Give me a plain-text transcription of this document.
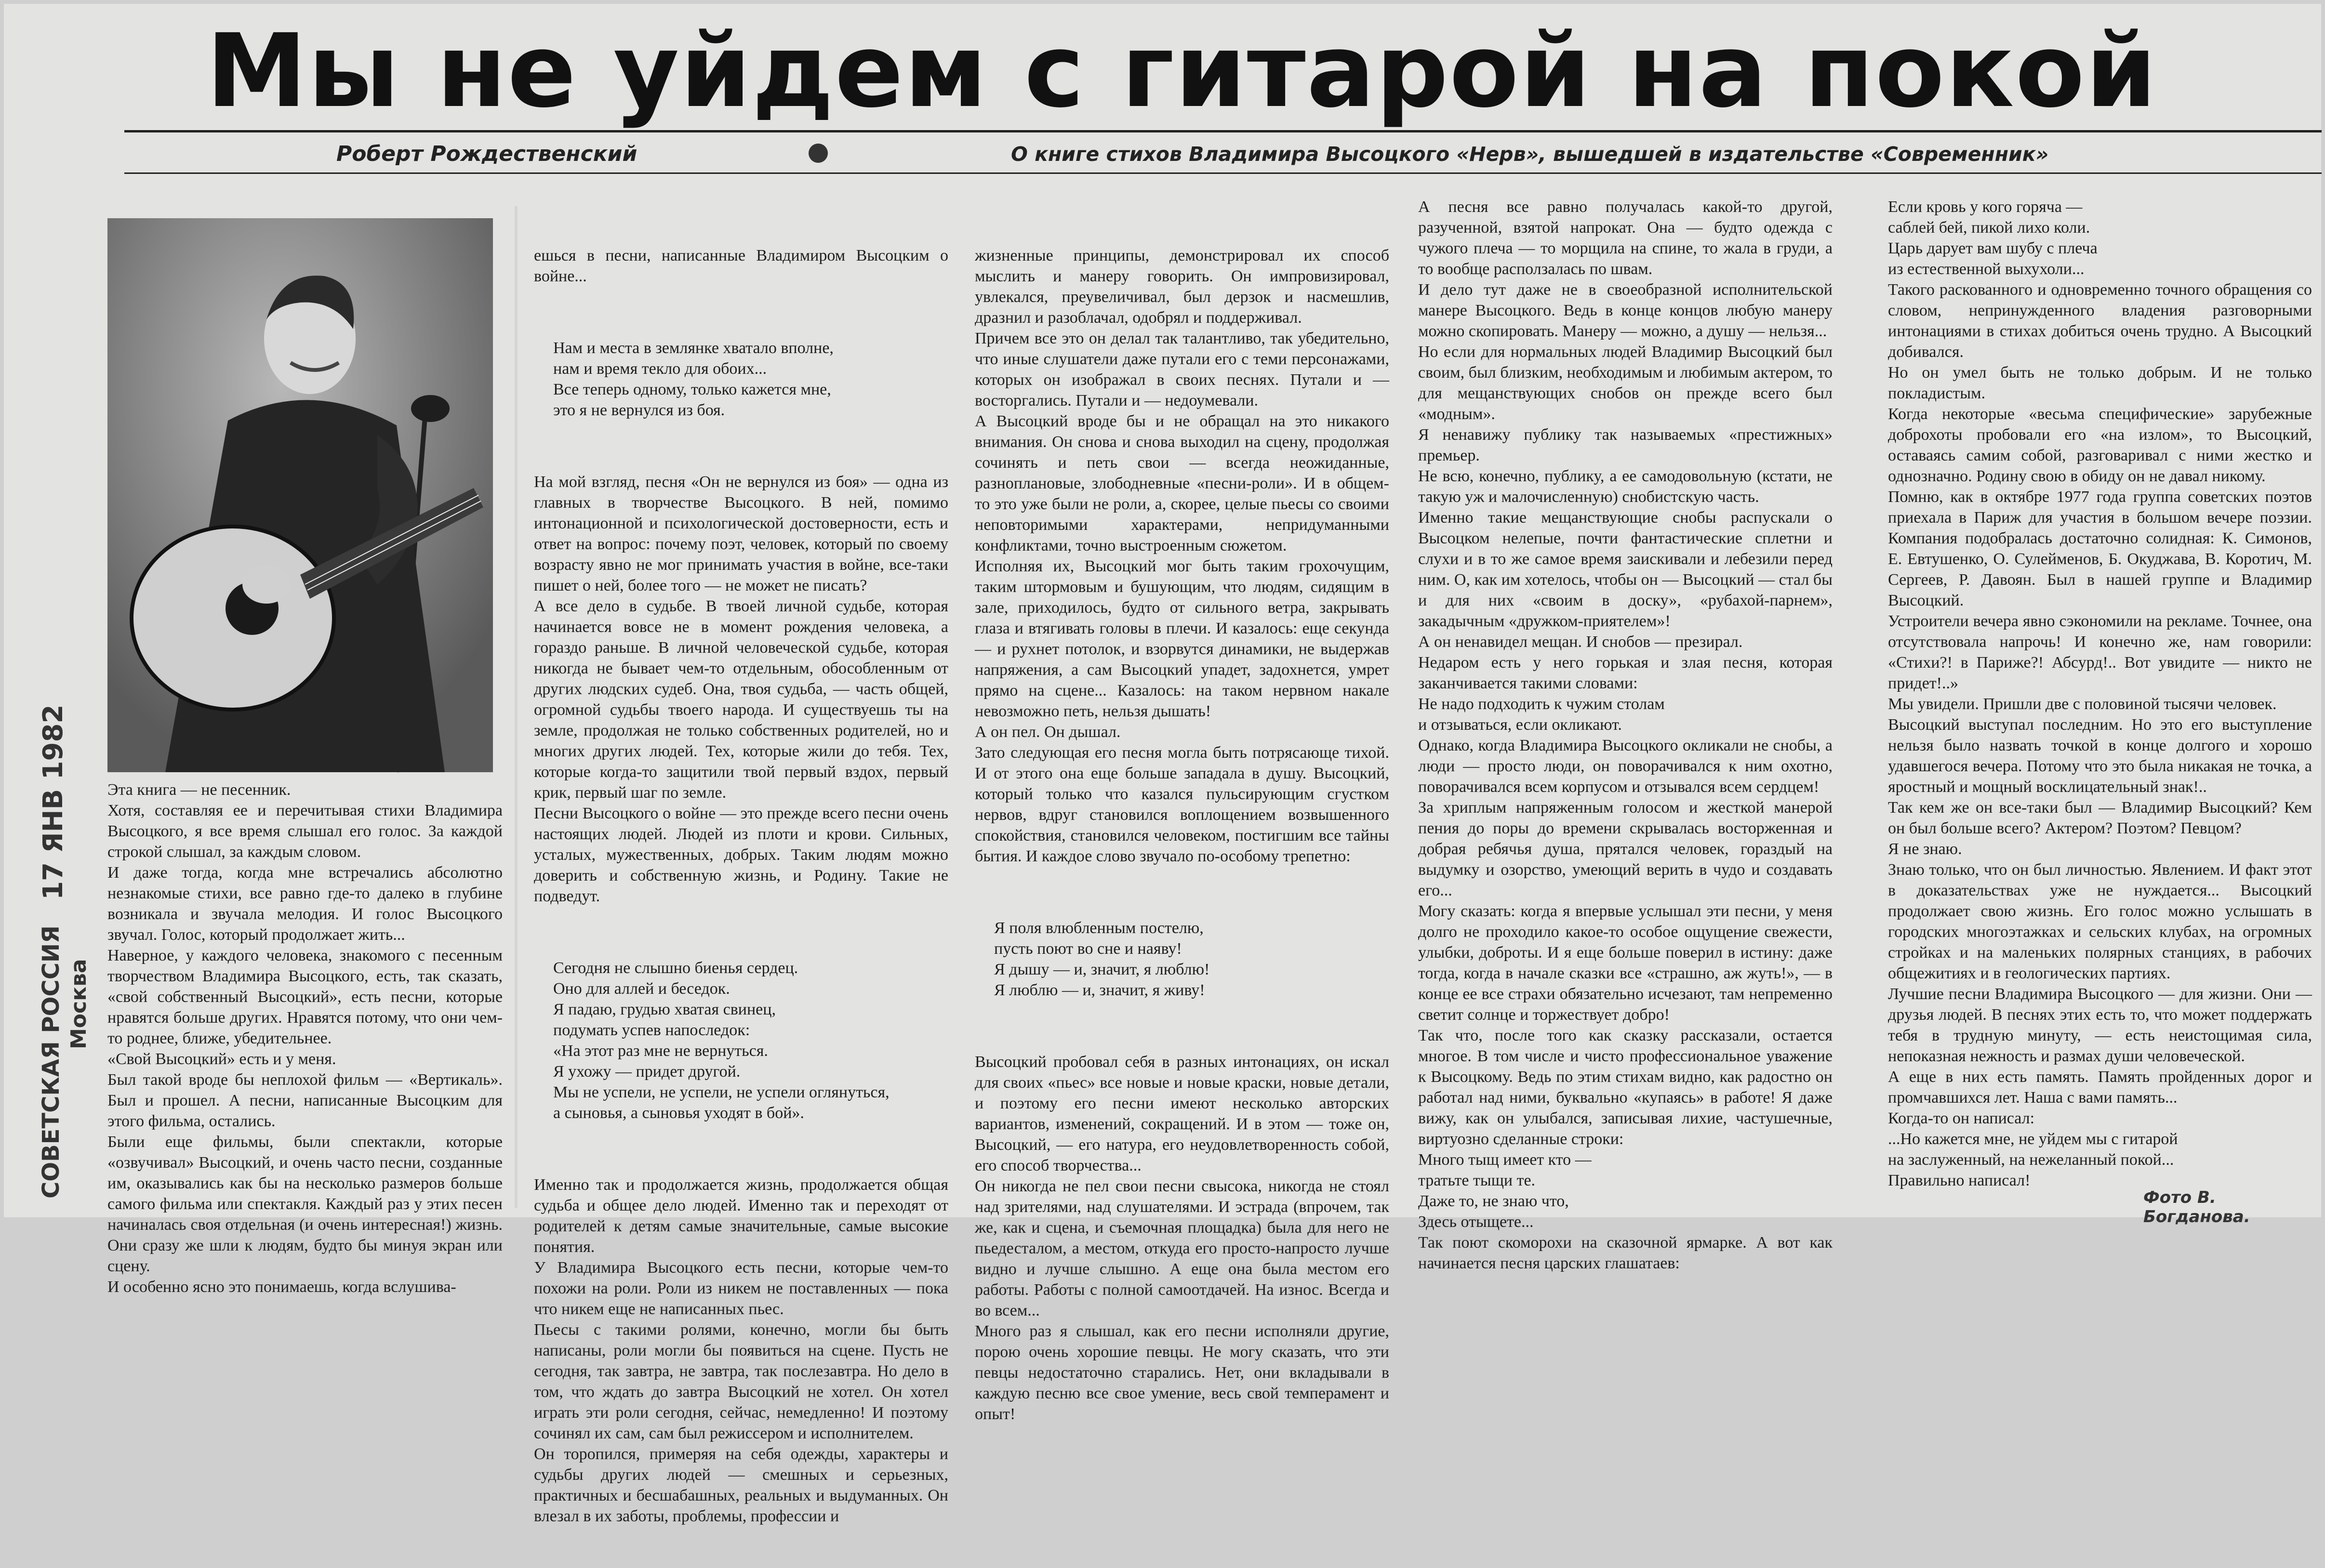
Мы не уйдем с гитарой на покой
Роберт Рождественский	О книге стихов Владимира Высоцкого «Нерв», вышедшей в издательстве «Современник»
17 ЯНВ 1982
СОВЕТСКАЯ РОССИЯ Москва
Эта книга — не песенник.
Хотя, составляя ее и перечитывая стихи Владимира Высоцкого, я все время слышал его голос. За каждой строкой слышал, за каждым словом.
И даже тогда, когда мне встречались абсолютно незнакомые стихи, все равно где-то далеко в глубине возникала и звучала мелодия. И голос Высоцкого звучал. Голос, который продолжает жить...
Наверное, у каждого человека, знакомого с песенным творчеством Владимира Высоцкого, есть, так сказать, «свой собственный Высоцкий», есть песни, которые нравятся больше других. Нравятся потому, что они чем-то роднее, ближе, убедительнее.
«Свой Высоцкий» есть и у меня.
Был такой вроде бы неплохой фильм — «Вертикаль». Был и прошел. А песни, написанные Высоцким для этого фильма, остались.
Были еще фильмы, были спектакли, которые «озвучивал» Высоцкий, и очень часто песни, созданные им, оказывались как бы на несколько размеров больше самого фильма или спектакля. Каждый раз у этих песен начиналась своя отдельная (и очень интересная!) жизнь. Они сразу же шли к людям, будто бы минуя экран или сцену.
И особенно ясно это понимаешь, когда вслушива-

ешься в песни, написанные Владимиром Высоцким о войне...

Нам и места в землянке хватало вполне,
нам и время текло для обоих...
Все теперь одному, только кажется мне,
это я не вернулся из боя.

На мой взгляд, песня «Он не вернулся из боя» — одна из главных в творчестве Высоцкого. В ней, помимо интонационной и психологической достоверности, есть и ответ на вопрос: почему поэт, человек, который по своему возрасту явно не мог принимать участия в войне, все-таки пишет о ней, более того — не может не писать?
А все дело в судьбе. В твоей личной судьбе, которая начинается вовсе не в момент рождения человека, а гораздо раньше. В личной человеческой судьбе, которая никогда не бывает чем-то отдельным, обособленным от других людских судеб. Она, твоя судьба, — часть общей, огромной судьбы твоего народа. И существуешь ты на земле, продолжая не только собственных родителей, но и многих других людей. Тех, которые жили до тебя. Тех, которые когда-то защитили твой первый вздох, первый крик, первый шаг по земле.
Песни Высоцкого о войне — это прежде всего песни очень настоящих людей. Людей из плоти и крови. Сильных, усталых, мужественных, добрых. Таким людям можно доверить и собственную жизнь, и Родину. Такие не подведут.

Сегодня не слышно биенья сердец.
Оно для аллей и беседок.
Я падаю, грудью хватая свинец,
подумать успев напоследок:
«На этот раз мне не вернуться.
Я ухожу — придет другой.
Мы не успели, не успели, не успели оглянуться,
а сыновья, а сыновья уходят в бой».

Именно так и продолжается жизнь, продолжается общая судьба и общее дело людей. Именно так и переходят от родителей к детям самые значительные, самые высокие понятия.
У Владимира Высоцкого есть песни, которые чем-то похожи на роли. Роли из никем не поставленных — пока что никем еще не написанных пьес.
Пьесы с такими ролями, конечно, могли бы быть написаны, роли могли бы появиться на сцене. Пусть не сегодня, так завтра, не завтра, так послезавтра. Но дело в том, что ждать до завтра Высоцкий не хотел. Он хотел играть эти роли сегодня, сейчас, немедленно! И поэтому сочинял их сам, сам был режиссером и исполнителем.
Он торопился, примеряя на себя одежды, характеры и судьбы других людей — смешных и серьезных, практичных и бесшабашных, реальных и выдуманных. Он влезал в их заботы, проблемы, профессии и

жизненные принципы, демонстрировал их способ мыслить и манеру говорить. Он импровизировал, увлекался, преувеличивал, был дерзок и насмешлив, дразнил и разоблачал, одобрял и поддерживал.
Причем все это он делал так талантливо, так убедительно, что иные слушатели даже путали его с теми персонажами, которых он изображал в своих песнях. Путали и — восторгались. Путали и — недоумевали.
А Высоцкий вроде бы и не обращал на это никакого внимания. Он снова и снова выходил на сцену, продолжая сочинять и петь свои — всегда неожиданные, разноплановые, злободневные «песни-роли». И в общем-то это уже были не роли, а, скорее, целые пьесы со своими неповторимыми характерами, непридуманными конфликтами, точно выстроенным сюжетом.
Исполняя их, Высоцкий мог быть таким грохочущим, таким штормовым и бушующим, что людям, сидящим в зале, приходилось, будто от сильного ветра, закрывать глаза и втягивать головы в плечи. И казалось: еще секунда — и рухнет потолок, и взорвутся динамики, не выдержав напряжения, а сам Высоцкий упадет, задохнется, умрет прямо на сцене... Казалось: на таком нервном накале невозможно петь, нельзя дышать!
А он пел. Он дышал.
Зато следующая его песня могла быть потрясающе тихой. И от этого она еще больше западала в душу. Высоцкий, который только что казался пульсирующим сгустком нервов, вдруг становился воплощением возвышенного спокойствия, становился человеком, постигшим все тайны бытия. И каждое слово звучало по-особому трепетно:

Я поля влюбленным постелю,
пусть поют во сне и наяву!
Я дышу — и, значит, я люблю!
Я люблю — и, значит, я живу!

Высоцкий пробовал себя в разных интонациях, он искал для своих «пьес» все новые и новые краски, новые детали, и поэтому его песни имеют несколько авторских вариантов, изменений, сокращений. И в этом — тоже он, Высоцкий, — его натура, его неудовлетворенность собой, его способ творчества...
Он никогда не пел свои песни свысока, никогда не стоял над зрителями, над слушателями. И эстрада (впрочем, так же, как и сцена, и съемочная площадка) была для него не пьедесталом, а местом, откуда его просто-напросто лучше видно и лучше слышно. А еще она была местом его работы. Работы с полной самоотдачей. На износ. Всегда и во всем...
Много раз я слышал, как его песни исполняли другие, порою очень хорошие певцы. Не могу сказать, что эти певцы недостаточно старались. Нет, они вкладывали в каждую песню все свое умение, весь свой темперамент и опыт!

А песня все равно получалась какой-то другой, разученной, взятой напрокат. Она — будто одежда с чужого плеча — то морщила на спине, то жала в груди, а то вообще расползалась по швам.
И дело тут даже не в своеобразной исполнительской манере Высоцкого. Ведь в конце концов любую манеру можно скопировать. Манеру — можно, а душу — нельзя...
Но если для нормальных людей Владимир Высоцкий был своим, был близким, необходимым и любимым актером, то для мещанствующих снобов он прежде всего был «модным».
Я ненавижу публику так называемых «престижных» премьер.
Не всю, конечно, публику, а ее самодовольную (кстати, не такую уж и малочисленную) снобистскую часть.
Именно такие мещанствующие снобы распускали о Высоцком нелепые, почти фантастические сплетни и слухи и в то же самое время заискивали и лебезили перед ним. О, как им хотелось, чтобы он — Высоцкий — стал бы и для них «своим в доску», «рубахой-парнем», закадычным «дружком-приятелем»!
А он ненавидел мещан. И снобов — презирал.
Недаром есть у него горькая и злая песня, которая заканчивается такими словами:
Не надо подходить к чужим столам
и отзываться, если окликают.
Однако, когда Владимира Высоцкого окликали не снобы, а люди — просто люди, он поворачивался к ним охотно, поворачивался всем корпусом и отзывался всем сердцем!
За хриплым напряженным голосом и жесткой манерой пения до поры до времени скрывалась восторженная и добрая ребячья душа, прятался человек, гораздый на выдумку и озорство, умеющий верить в чудо и создавать его...
Могу сказать: когда я впервые услышал эти песни, у меня долго не проходило какое-то особое ощущение свежести, улыбки, доброты. И я еще больше поверил в истину: даже тогда, когда в начале сказки все «страшно, аж жуть!», — в конце ее все страхи обязательно исчезают, там непременно светит солнце и торжествует добро!
Так что, после того как сказку рассказали, остается многое. В том числе и чисто профессиональное уважение к Высоцкому. Ведь по этим стихам видно, как радостно он работал над ними, буквально «купаясь» в работе! Я даже вижу, как он улыбался, записывая лихие, частушечные, виртуозно сделанные строки:
Много тыщ имеет кто —
тратьте тыщи те.
Даже то, не знаю что,
Здесь отыщете...
Так поют скоморохи на сказочной ярмарке. А вот как начинается песня царских глашатаев:
Если кровь у кого горяча —
саблей бей, пикой лихо коли.
Царь дарует вам шубу с плеча
из естественной выхухоли...
Такого раскованного и одновременно точного обращения со словом, непринужденного владения разговорными интонациями в стихах добиться очень трудно. А Высоцкий добивался.
Но он умел быть не только добрым. И не только покладистым.
Когда некоторые «весьма специфические» зарубежные доброхоты пробовали его «на излом», то Высоцкий, оставаясь самим собой, разговаривал с ними жестко и однозначно. Родину свою в обиду он не давал никому.
Помню, как в октябре 1977 года группа советских поэтов приехала в Париж для участия в большом вечере поэзии. Компания подобралась достаточно солидная: К. Симонов, Е. Евтушенко, О. Сулейменов, Б. Окуджава, В. Коротич, М. Сергеев, Р. Давоян. Был в нашей группе и Владимир Высоцкий.
Устроители вечера явно сэкономили на рекламе. Точнее, она отсутствовала напрочь! И конечно же, нам говорили: «Стихи?! в Париже?! Абсурд!.. Вот увидите — никто не придет!..»
Мы увидели. Пришли две с половиной тысячи человек.
Высоцкий выступал последним. Но это его выступление нельзя было назвать точкой в конце долгого и хорошо удавшегося вечера. Потому что это была никакая не точка, а яростный и мощный восклицательный знак!..
Так кем же он все-таки был — Владимир Высоцкий? Кем он был больше всего? Актером? Поэтом? Певцом?
Я не знаю.
Знаю только, что он был личностью. Явлением. И факт этот в доказательствах уже не нуждается... Высоцкий продолжает свою жизнь. Его голос можно услышать в городских многоэтажках и сельских клубах, на огромных стройках и на маленьких полярных станциях, в рабочих общежитиях и в геологических партиях.
Лучшие песни Владимира Высоцкого — для жизни. Они — друзья людей. В песнях этих есть то, что может поддержать тебя в трудную минуту, — есть неистощимая сила, непоказная нежность и размах души человеческой.
А еще в них есть память. Память пройденных дорог и промчавшихся лет. Наша с вами память...
Когда-то он написал:
...Но кажется мне, не уйдем мы с гитарой
на заслуженный, на нежеланный покой...
Правильно написал!
Фото В. Богданова.
